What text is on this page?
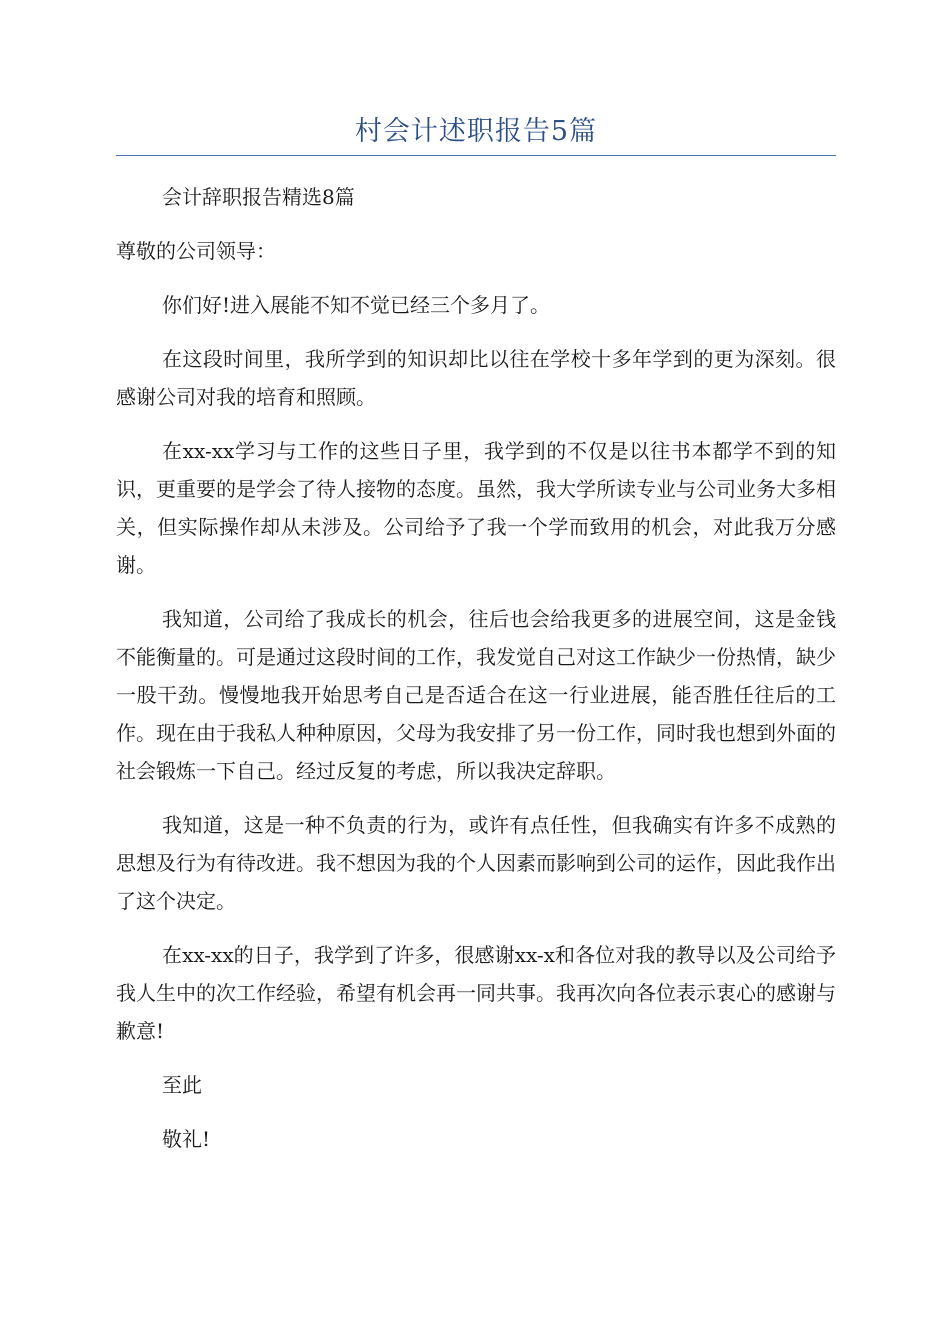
村会计述职报告5篇

会计辞职报告精选8篇

尊敬的公司领导：

你们好!进入展能不知不觉已经三个多月了。

在这段时间里，我所学到的知识却比以往在学校十多年学到的更为深刻。很感谢公司对我的培育和照顾。

在xx-xx学习与工作的这些日子里，我学到的不仅是以往书本都学不到的知识，更重要的是学会了待人接物的态度。虽然，我大学所读专业与公司业务大多相关，但实际操作却从未涉及。公司给予了我一个学而致用的机会，对此我万分感谢。

我知道，公司给了我成长的机会，往后也会给我更多的进展空间，这是金钱不能衡量的。可是通过这段时间的工作，我发觉自己对这工作缺少一份热情，缺少一股干劲。慢慢地我开始思考自己是否适合在这一行业进展，能否胜任往后的工作。现在由于我私人种种原因，父母为我安排了另一份工作，同时我也想到外面的社会锻炼一下自己。经过反复的考虑，所以我决定辞职。

我知道，这是一种不负责的行为，或许有点任性，但我确实有许多不成熟的思想及行为有待改进。我不想因为我的个人因素而影响到公司的运作，因此我作出了这个决定。

在xx-xx的日子，我学到了许多，很感谢xx-x和各位对我的教导以及公司给予我人生中的次工作经验，希望有机会再一同共事。我再次向各位表示衷心的感谢与歉意!

至此

敬礼!
